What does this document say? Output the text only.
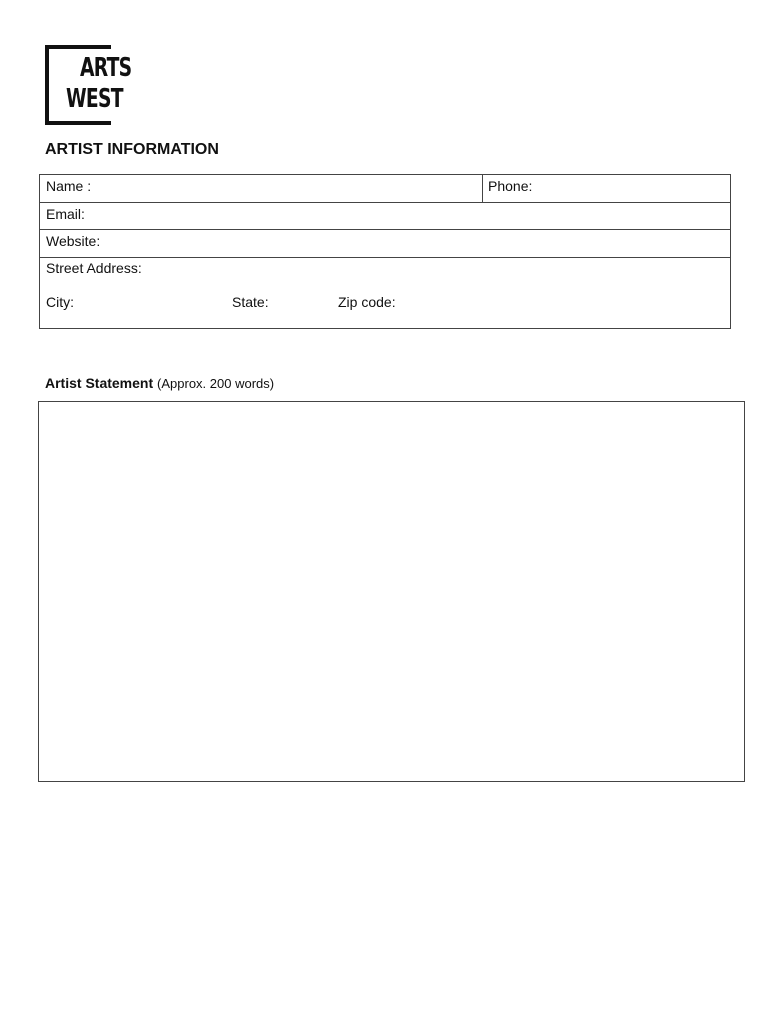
ARTS
WEST
ARTIST INFORMATION
Name :	Phone:
Email:
Website:
Street Address:
City:	State:	Zip code:
Artist Statement (Approx. 200 words)
